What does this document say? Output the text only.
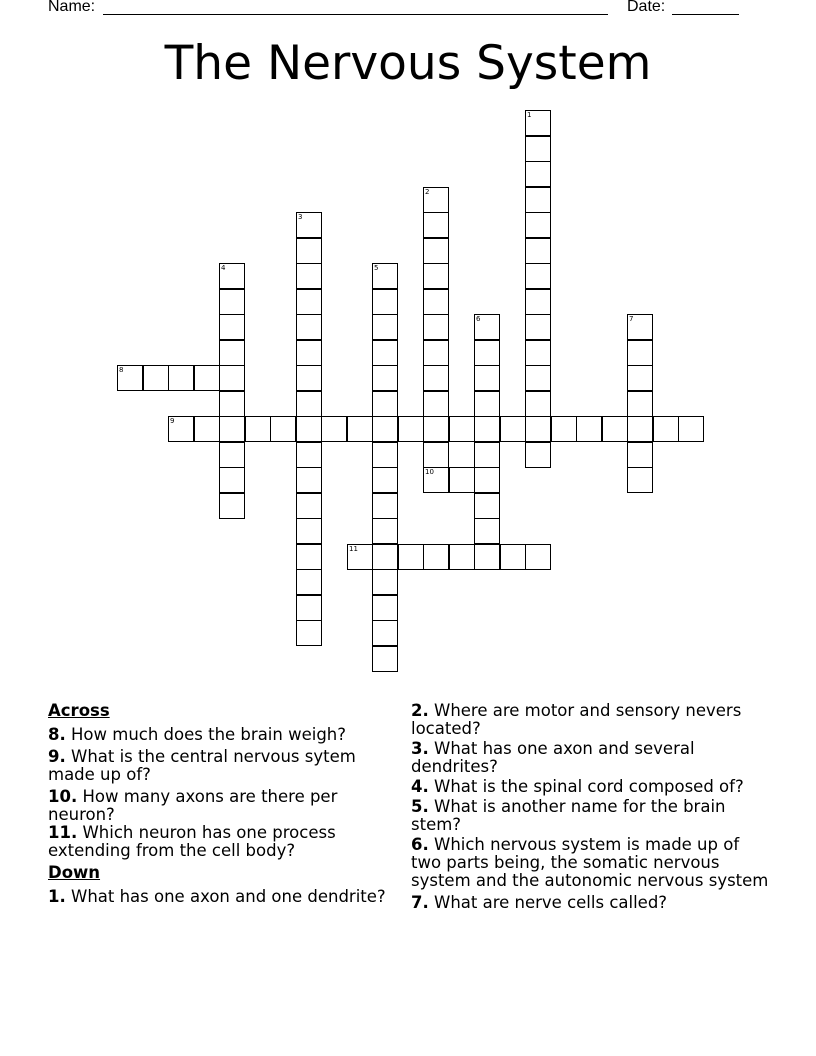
Name:	Date:
The Nervous System
1
2
3
4	5
6	7
8
9
10
11
Across
8. How much does the brain weigh?
9. What is the central nervous sytem made up of?
10. How many axons are there per neuron?
11. Which neuron has one process extending from the cell body?
Down
1. What has one axon and one dendrite?
2. Where are motor and sensory nevers located?
3. What has one axon and several dendrites?
4. What is the spinal cord composed of?
5. What is another name for the brain stem?
6. Which nervous system is made up of two parts being, the somatic nervous system and the autonomic nervous system
7. What are nerve cells called?
